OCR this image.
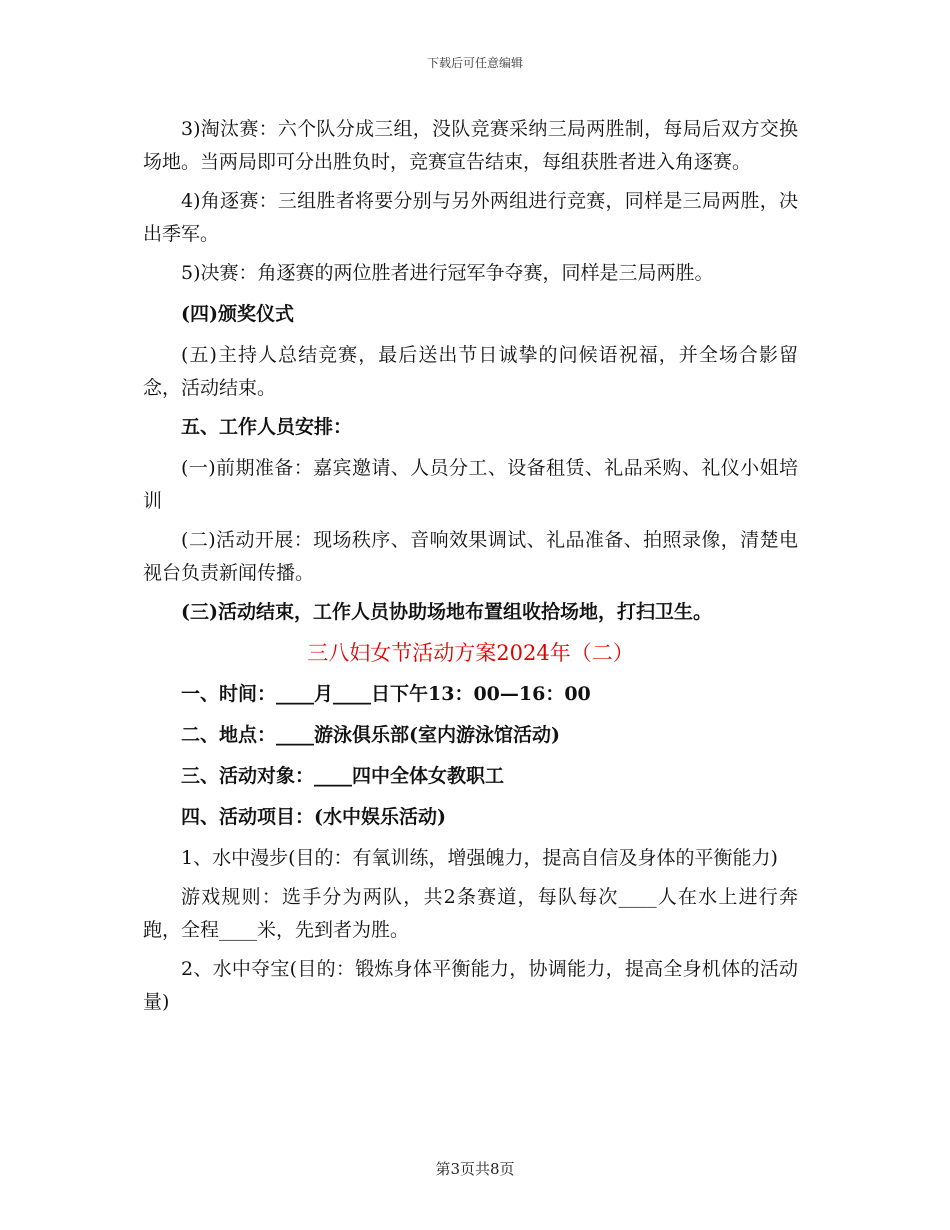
下载后可任意编辑

3)淘汰赛：六个队分成三组，没队竞赛采纳三局两胜制，每局后双方交换场地。当两局即可分出胜负时，竞赛宣告结束，每组获胜者进入角逐赛。

4)角逐赛：三组胜者将要分别与另外两组进行竞赛，同样是三局两胜，决出季军。

5)决赛：角逐赛的两位胜者进行冠军争夺赛，同样是三局两胜。

(四)颁奖仪式

(五)主持人总结竞赛，最后送出节日诚挚的问候语祝福，并全场合影留念，活动结束。

五、工作人员安排：

(一)前期准备：嘉宾邀请、人员分工、设备租赁、礼品采购、礼仪小姐培训

(二)活动开展：现场秩序、音响效果调试、礼品准备、拍照录像，清楚电视台负责新闻传播。

(三)活动结束，工作人员协助场地布置组收拾场地，打扫卫生。

三八妇女节活动方案2024年（二）

一、时间：____月____日下午13：00—16：00

二、地点：____游泳俱乐部(室内游泳馆活动)

三、活动对象：____四中全体女教职工

四、活动项目：(水中娱乐活动)

1、水中漫步(目的：有氧训练，增强魄力，提高自信及身体的平衡能力)

游戏规则：选手分为两队，共2条赛道，每队每次____人在水上进行奔跑，全程____米，先到者为胜。

2、水中夺宝(目的：锻炼身体平衡能力，协调能力，提高全身机体的活动量)

第3页共8页
